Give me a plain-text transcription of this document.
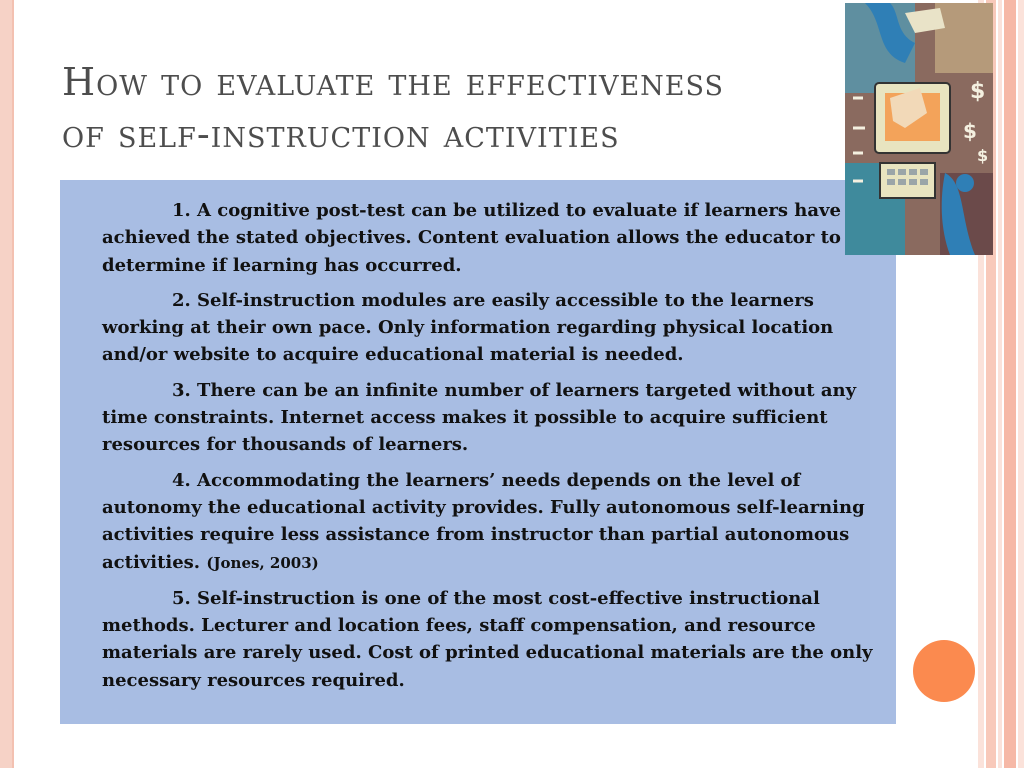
How to evaluate the effectiveness
of self-instruction activities

1. A cognitive post-test can be utilized to evaluate if learners have achieved the stated objectives. Content evaluation allows the educator to determine if learning has occurred.

2. Self-instruction modules are easily accessible to the learners working at their own pace. Only information regarding physical location and/or website to acquire educational material is needed.

3. There can be an infinite number of learners targeted without any time constraints. Internet access makes it possible to acquire sufficient resources for thousands of learners.

4. Accommodating the learners’ needs depends on the level of autonomy the educational activity provides. Fully autonomous self-learning activities require less assistance from instructor than partial autonomous activities. (Jones, 2003)

5. Self-instruction is one of the most cost-effective instructional methods. Lecturer and location fees, staff compensation, and resource materials are rarely used. Cost of printed educational materials are the only necessary resources required.

$
$
$
